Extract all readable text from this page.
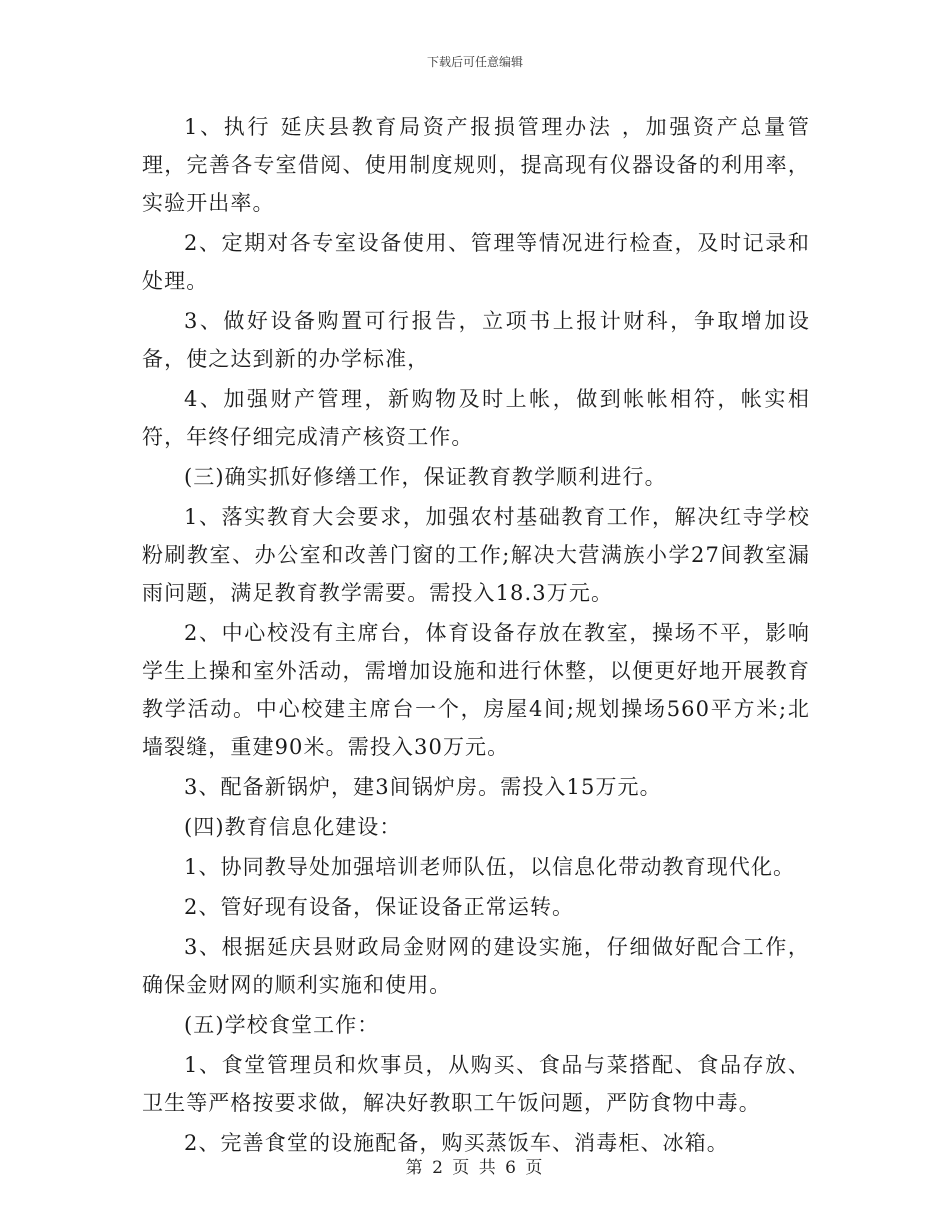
下载后可任意编辑

1、执行 延庆县教育局资产报损管理办法 ，加强资产总量管理，完善各专室借阅、使用制度规则，提高现有仪器设备的利用率，实验开出率。

2、定期对各专室设备使用、管理等情况进行检查，及时记录和处理。

3、做好设备购置可行报告，立项书上报计财科，争取增加设备，使之达到新的办学标准，

4、加强财产管理，新购物及时上帐，做到帐帐相符，帐实相符，年终仔细完成清产核资工作。

(三)确实抓好修缮工作，保证教育教学顺利进行。

1、落实教育大会要求，加强农村基础教育工作，解决红寺学校粉刷教室、办公室和改善门窗的工作;解决大营满族小学27间教室漏雨问题，满足教育教学需要。需投入18.3万元。

2、中心校没有主席台，体育设备存放在教室，操场不平，影响学生上操和室外活动，需增加设施和进行休整，以便更好地开展教育教学活动。中心校建主席台一个，房屋4间;规划操场560平方米;北墙裂缝，重建90米。需投入30万元。

3、配备新锅炉，建3间锅炉房。需投入15万元。

(四)教育信息化建设：

1、协同教导处加强培训老师队伍，以信息化带动教育现代化。

2、管好现有设备，保证设备正常运转。

3、根据延庆县财政局金财网的建设实施，仔细做好配合工作，确保金财网的顺利实施和使用。

(五)学校食堂工作：

1、食堂管理员和炊事员，从购买、食品与菜搭配、食品存放、卫生等严格按要求做，解决好教职工午饭问题，严防食物中毒。

2、完善食堂的设施配备，购买蒸饭车、消毒柜、冰箱。

第 2 页 共 6 页
